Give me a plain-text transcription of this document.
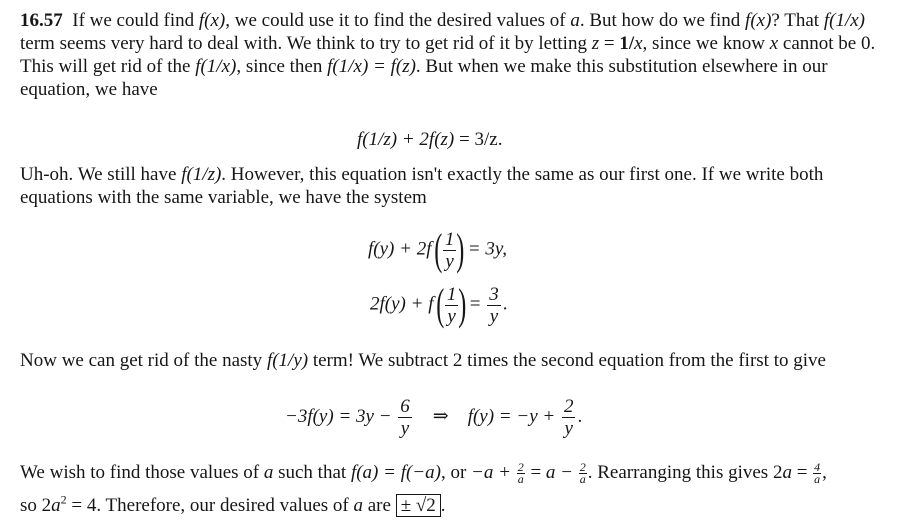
16.57 If we could find f(x), we could use it to find the desired values of a. But how do we find f(x)? That f(1/x) term seems very hard to deal with. We think to try to get rid of it by letting z = 1/x, since we know x cannot be 0. This will get rid of the f(1/x), since then f(1/x) = f(z). But when we make this substitution elsewhere in our equation, we have
f(1/z) + 2f(z) = 3/z.
Uh-oh. We still have f(1/z). However, this equation isn't exactly the same as our first one. If we write both equations with the same variable, we have the system
f(y) + 2f ( $\frac{1}{y}$ ) = 3y,
2f(y) + f ( $\frac{1}{y}$ ) = $\frac{3}{y}$ .
Now we can get rid of the nasty f(1/y) term! We subtract 2 times the second equation from the first to give
$-3f(y) = 3y - \frac{6}{y}$ ⇒ $f(y) = -y + \frac{2}{y}$ .
We wish to find those values of a such that f(a) = f(−a), or $-a + \frac{2}{a} = a - \frac{2}{a}$ . Rearranging this gives $2a = \frac{4}{a}$ ,
so $2a^2 = 4$. Therefore, our desired values of a are ± √2 .
